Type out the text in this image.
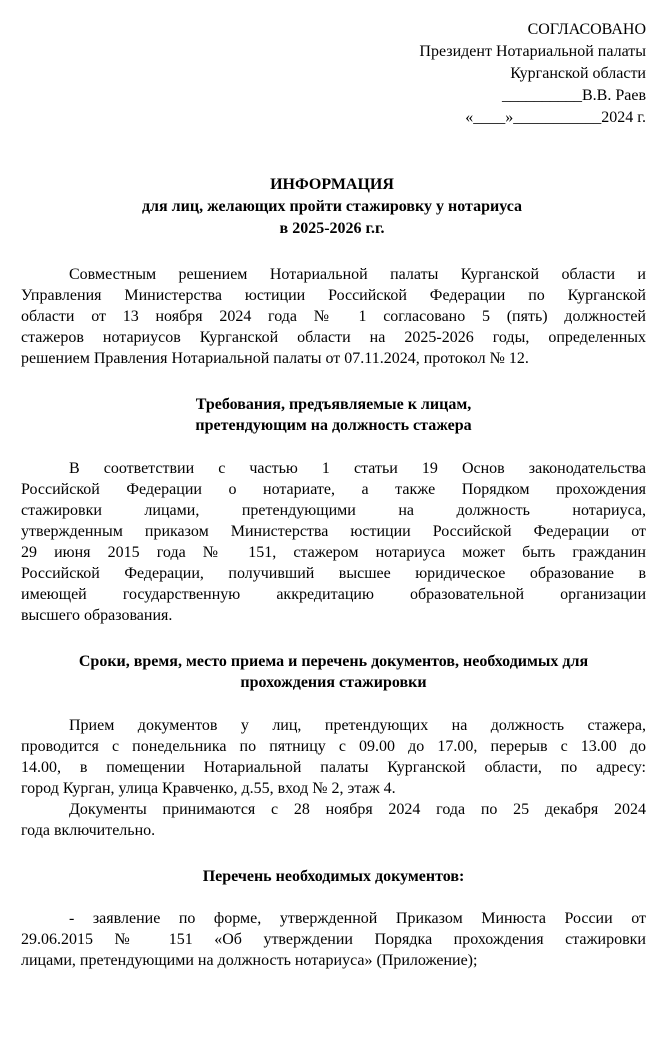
СОГЛАСОВАНО
Президент Нотариальной палаты
Курганской области
__________В.В. Раев
«____»___________2024 г.
ИНФОРМАЦИЯ
для лиц, желающих пройти стажировку у нотариуса
в 2025-2026 г.г.
Совместным решением Нотариальной палаты Курганской области и
Управления Министерства юстиции Российской Федерации по Курганской
области от 13 ноября 2024 года № 1 согласовано 5 (пять) должностей
стажеров нотариусов Курганской области на 2025-2026 годы, определенных
решением Правления Нотариальной палаты от 07.11.2024, протокол № 12.
Требования, предъявляемые к лицам,
претендующим на должность стажера
В соответствии с частью 1 статьи 19 Основ законодательства
Российской Федерации о нотариате, а также Порядком прохождения
стажировки лицами, претендующими на должность нотариуса,
утвержденным приказом Министерства юстиции Российской Федерации от
29 июня 2015 года № 151, стажером нотариуса может быть гражданин
Российской Федерации, получивший высшее юридическое образование в
имеющей государственную аккредитацию образовательной организации
высшего образования.
Сроки, время, место приема и перечень документов, необходимых для
прохождения стажировки
Прием документов у лиц, претендующих на должность стажера,
проводится с понедельника по пятницу с 09.00 до 17.00, перерыв с 13.00 до
14.00, в помещении Нотариальной палаты Курганской области, по адресу:
город Курган, улица Кравченко, д.55, вход № 2, этаж 4.
Документы принимаются с 28 ноября 2024 года по 25 декабря 2024
года включительно.
Перечень необходимых документов:
- заявление по форме, утвержденной Приказом Минюста России от
29.06.2015 № 151 «Об утверждении Порядка прохождения стажировки
лицами, претендующими на должность нотариуса» (Приложение);
